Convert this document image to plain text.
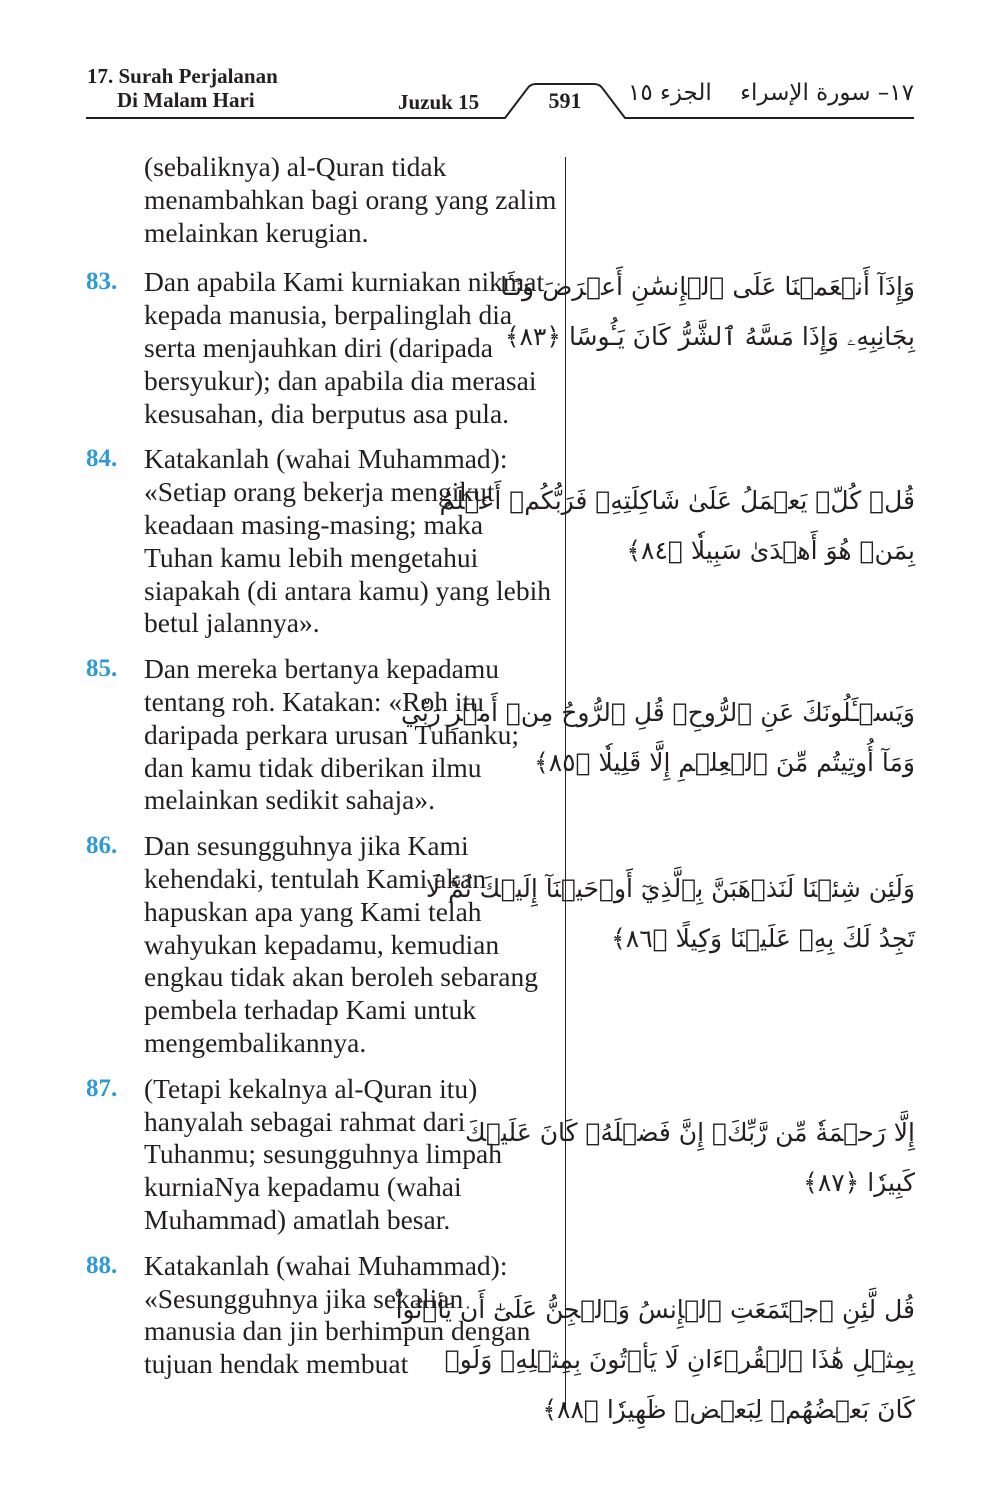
17. Surah Perjalanan
Di Malam Hari	Juzuk 15	591	الجزء ١٥ ١٧– سورة الإسراء
(sebaliknya) al-Quran tidak menambahkan bagi orang yang zalim melainkan kerugian.
83. Dan apabila Kami kurniakan nikmat kepada manusia, berpalinglah dia serta menjauhkan diri (daripada bersyukur); dan apabila dia merasai kesusahan, dia berputus asa pula.
84. Katakanlah (wahai Muhammad): «Setiap orang bekerja mengikut keadaan masing-masing; maka Tuhan kamu lebih mengetahui siapakah (di antara kamu) yang lebih betul jalannya».
85. Dan mereka bertanya kepadamu tentang roh. Katakan: «Roh itu daripada perkara urusan Tuhanku; dan kamu tidak diberikan ilmu melainkan sedikit sahaja».
86. Dan sesungguhnya jika Kami kehendaki, tentulah Kami akan hapuskan apa yang Kami telah wahyukan kepadamu, kemudian engkau tidak akan beroleh sebarang pembela terhadap Kami untuk mengembalikannya.
87. (Tetapi kekalnya al-Quran itu) hanyalah sebagai rahmat dari Tuhanmu; sesungguhnya limpah kurniaNya kepadamu (wahai Muhammad) amatlah besar.
88. Katakanlah (wahai Muhammad): «Sesungguhnya jika sekalian manusia dan jin berhimpun dengan tujuan hendak membuat
وَإِذَآ أَنۡعَمۡنَا عَلَى ٱلۡإِنسَٰنِ أَعۡرَضَ وَنَـَٔا
بِجَانِبِهِۦ وَإِذَا مَسَّهُ ٱلشَّرُّ كَانَ يَـُٔوسًا ﴿٨٣﴾
قُلۡ كُلّٞ يَعۡمَلُ عَلَىٰ شَاكِلَتِهِۦ فَرَبُّكُمۡ أَعۡلَمُ
بِمَنۡ هُوَ أَهۡدَىٰ سَبِيلٗا ﴿٨٤﴾
وَيَسۡـَٔلُونَكَ عَنِ ٱلرُّوحِۖ قُلِ ٱلرُّوحُ مِنۡ أَمۡرِ رَبِّي
وَمَآ أُوتِيتُم مِّنَ ٱلۡعِلۡمِ إِلَّا قَلِيلٗا ﴿٨٥﴾
وَلَئِن شِئۡنَا لَنَذۡهَبَنَّ بِٱلَّذِيٓ أَوۡحَيۡنَآ إِلَيۡكَ ثُمَّ لَا
تَجِدُ لَكَ بِهِۦ عَلَيۡنَا وَكِيلًا ﴿٨٦﴾
إِلَّا رَحۡمَةٗ مِّن رَّبِّكَۚ إِنَّ فَضۡلَهُۥ كَانَ عَلَيۡكَ
كَبِيرٗا ﴿٨٧﴾
قُل لَّئِنِ ٱجۡتَمَعَتِ ٱلۡإِنسُ وَٱلۡجِنُّ عَلَىٰٓ أَن يَأۡتُواْ
بِمِثۡلِ هَٰذَا ٱلۡقُرۡءَانِ لَا يَأۡتُونَ بِمِثۡلِهِۦ وَلَوۡ
كَانَ بَعۡضُهُمۡ لِبَعۡضٖ ظَهِيرٗا ﴿٨٨﴾
